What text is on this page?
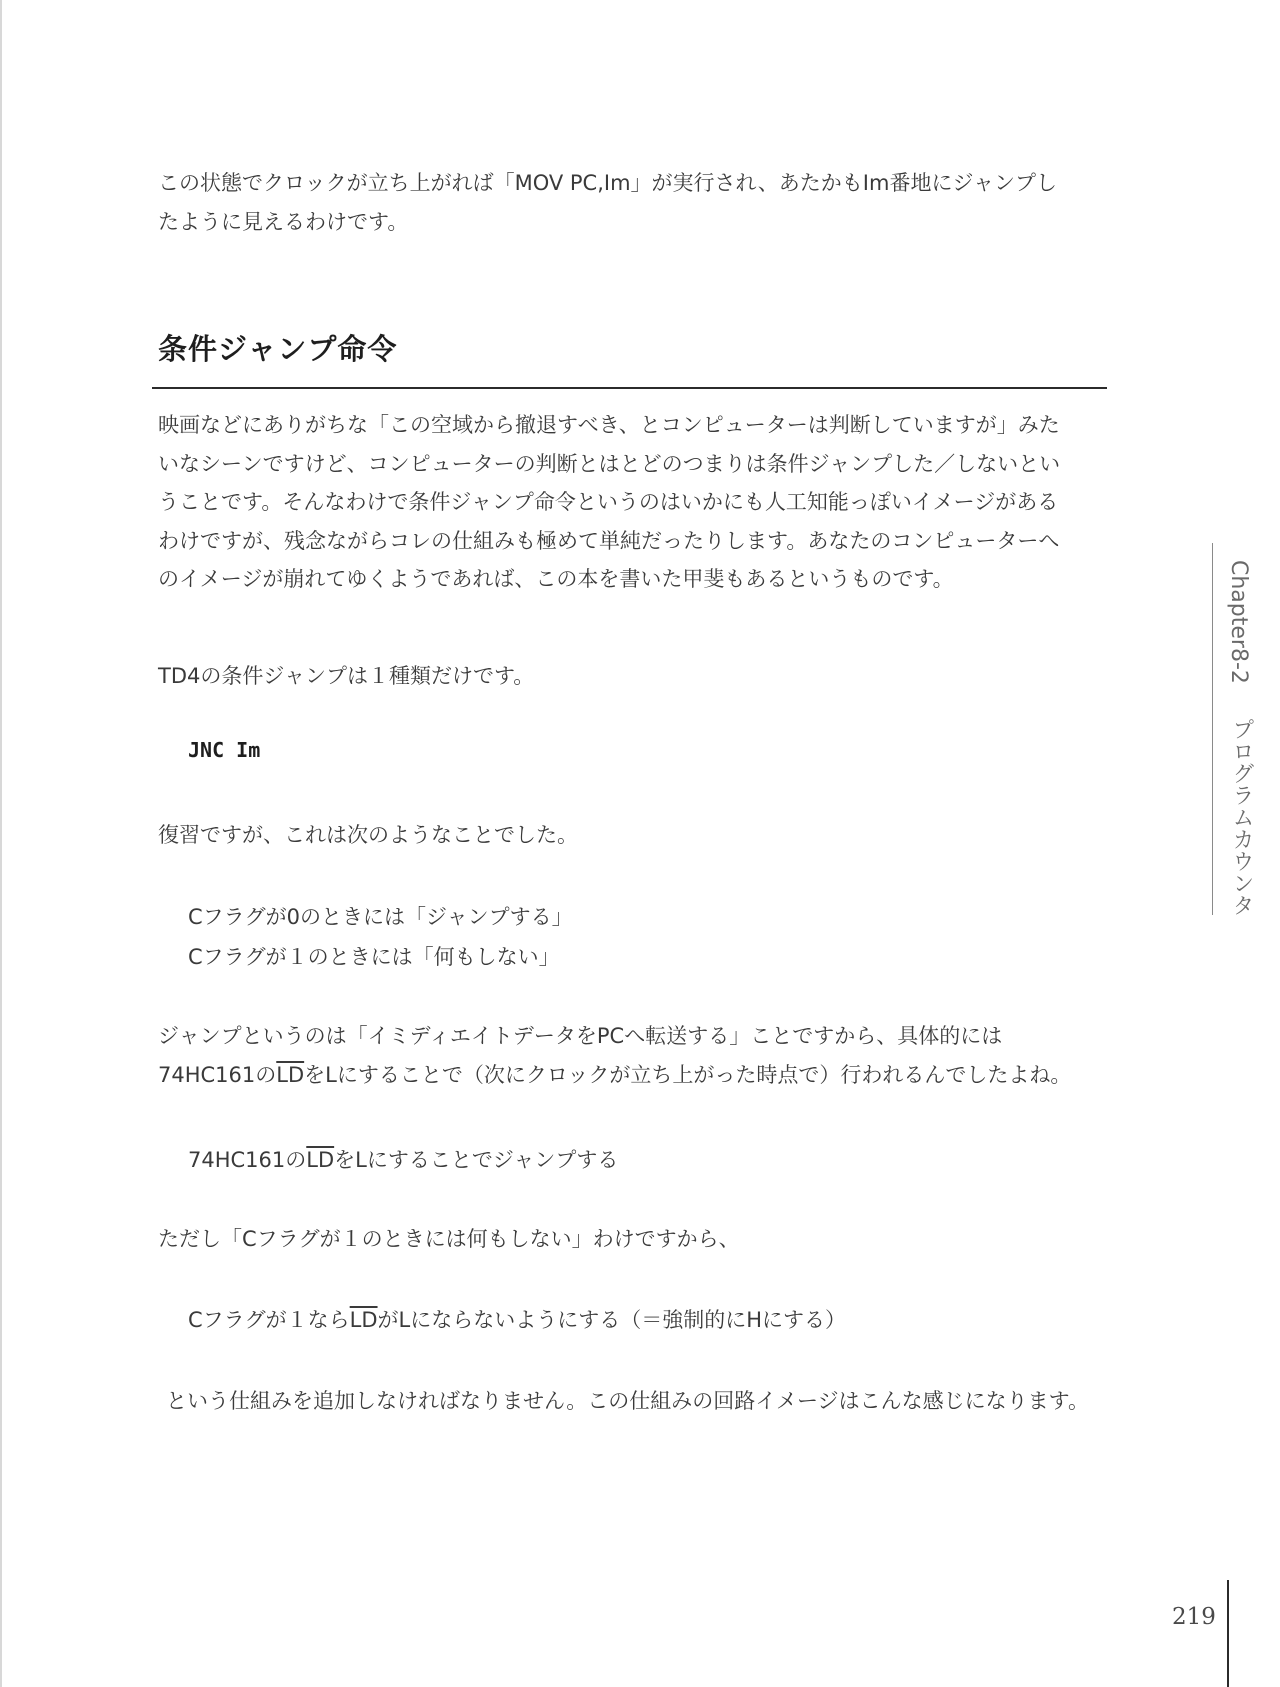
この状態でクロックが立ち上がれば「MOV PC,Im」が実行され、あたかもIm番地にジャンプし

たように見えるわけです。

条件ジャンプ命令

映画などにありがちな「この空域から撤退すべき、とコンピューターは判断していますが」みた

いなシーンですけど、コンピューターの判断とはとどのつまりは条件ジャンプした／しないとい

うことです。そんなわけで条件ジャンプ命令というのはいかにも人工知能っぽいイメージがある

わけですが、残念ながらコレの仕組みも極めて単純だったりします。あなたのコンピューターへ

のイメージが崩れてゆくようであれば、この本を書いた甲斐もあるというものです。

TD4の条件ジャンプは１種類だけです。
JNC Im
復習ですが、これは次のようなことでした。
Cフラグが0のときには「ジャンプする」
Cフラグが１のときには「何もしない」

ジャンプというのは「イミディエイトデータをPCへ転送する」ことですから、具体的には

74HC161の$\overline{LD}$をLにすることで（次にクロックが立ち上がった時点で）行われるんでしたよね。

74HC161の$\overline{LD}$をLにすることでジャンプする
ただし「Cフラグが１のときには何もしない」わけですから、
Cフラグが１なら$\overline{LD}$がLにならないようにする（＝強制的にHにする）
という仕組みを追加しなければなりません。この仕組みの回路イメージはこんな感じになります。
Chapter8-2
プログラムカウンタ
219
